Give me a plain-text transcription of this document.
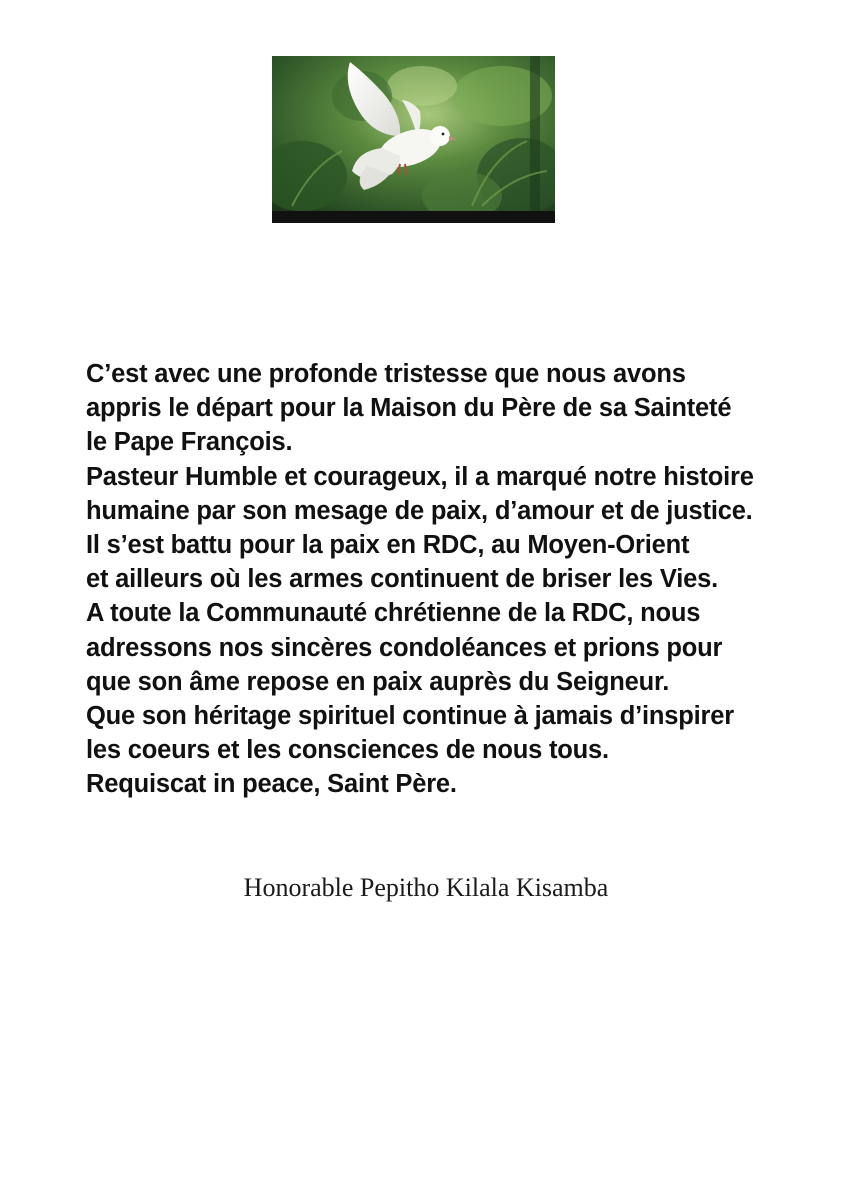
C’est avec une profonde tristesse que nous avons
appris le départ pour la Maison du Père de sa Sainteté
le Pape François.
Pasteur Humble et courageux, il a marqué notre histoire
humaine par son mesage de paix, d’amour et de justice.
Il s’est battu pour la paix en RDC, au Moyen-Orient
et ailleurs où les armes continuent de briser les Vies.
A toute la Communauté chrétienne de la RDC, nous
adressons nos sincères condoléances et prions pour
que son âme repose en paix auprès du Seigneur.
Que son héritage spirituel continue à jamais d’inspirer
les coeurs et les consciences de nous tous.
Requiscat in peace, Saint Père.

Honorable Pepitho Kilala Kisamba
